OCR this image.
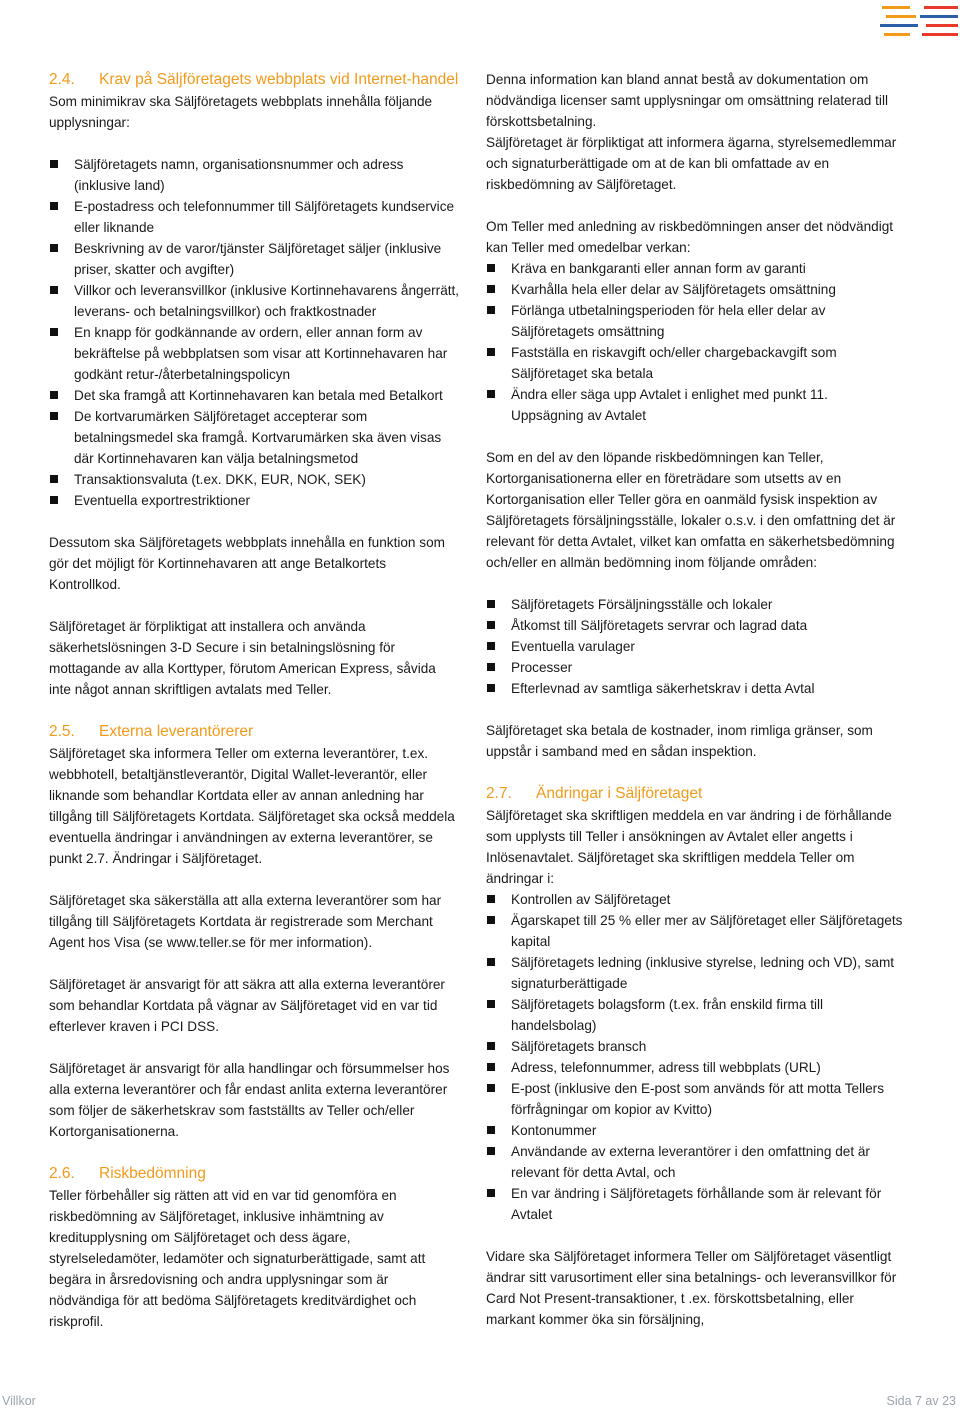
2.4.	Krav på Säljföretagets webbplats vid Internet-handel

Som minimikrav ska Säljföretagets webbplats innehålla följande upplysningar:

Säljföretagets namn, organisationsnummer och adress (inklusive land)
E-postadress och telefonnummer till Säljföretagets kundservice eller liknande
Beskrivning av de varor/tjänster Säljföretaget säljer (inklusive priser, skatter och avgifter)
Villkor och leveransvillkor (inklusive Kortinnehavarens ångerrätt, leverans- och betalningsvillkor) och fraktkostnader
En knapp för godkännande av ordern, eller annan form av bekräftelse på webbplatsen som visar att Kortinnehavaren har godkänt retur-/återbetalningspolicyn
Det ska framgå att Kortinnehavaren kan betala med Betalkort
De kortvarumärken Säljföretaget accepterar som betalningsmedel ska framgå. Kortvarumärken ska även visas där Kortinnehavaren kan välja betalningsmetod
Transaktionsvaluta (t.ex. DKK, EUR, NOK, SEK)
Eventuella exportrestriktioner

Dessutom ska Säljföretagets webbplats innehålla en funktion som gör det möjligt för Kortinnehavaren att ange Betalkortets Kontrollkod.

Säljföretaget är förpliktigat att installera och använda säkerhetslösningen 3-D Secure i sin betalningslösning för mottagande av alla Korttyper, förutom American Express, såvida inte något annan skriftligen avtalats med Teller.

2.5.	Externa leverantörerer

Säljföretaget ska informera Teller om externa leverantörer, t.ex. webbhotell, betaltjänstleverantör, Digital Wallet-leverantör, eller liknande som behandlar Kortdata eller av annan anledning har tillgång till Säljföretagets Kortdata. Säljföretaget ska också meddela eventuella ändringar i användningen av externa leverantörer, se punkt 2.7. Ändringar i Säljföretaget.

Säljföretaget ska säkerställa att alla externa leverantörer som har tillgång till Säljföretagets Kortdata är registrerade som Merchant Agent hos Visa (se www.teller.se för mer information).

Säljföretaget är ansvarigt för att säkra att alla externa leverantörer som behandlar Kortdata på vägnar av Säljföretaget vid en var tid efterlever kraven i PCI DSS.

Säljföretaget är ansvarigt för alla handlingar och försummelser hos alla externa leverantörer och får endast anlita externa leverantörer som följer de säkerhetskrav som fastställts av Teller och/eller Kortorganisationerna.

2.6.	Riskbedömning

Teller förbehåller sig rätten att vid en var tid genomföra en riskbedömning av Säljföretaget, inklusive inhämtning av kreditupplysning om Säljföretaget och dess ägare, styrelseledamöter, ledamöter och signaturberättigade, samt att begära in årsredovisning och andra upplysningar som är nödvändiga för att bedöma Säljföretagets kreditvärdighet och riskprofil.

Denna information kan bland annat bestå av dokumentation om nödvändiga licenser samt upplysningar om omsättning relaterad till förskottsbetalning.

Säljföretaget är förpliktigat att informera ägarna, styrelsemedlemmar och signaturberättigade om at de kan bli omfattade av en riskbedömning av Säljföretaget.

Om Teller med anledning av riskbedömningen anser det nödvändigt kan Teller med omedelbar verkan:

Kräva en bankgaranti eller annan form av garanti
Kvarhålla hela eller delar av Säljföretagets omsättning
Förlänga utbetalningsperioden för hela eller delar av Säljföretagets omsättning
Fastställa en riskavgift och/eller chargebackavgift som Säljföretaget ska betala
Ändra eller säga upp Avtalet i enlighet med punkt 11. Uppsägning av Avtalet

Som en del av den löpande riskbedömningen kan Teller, Kortorganisationerna eller en företrädare som utsetts av en Kortorganisation eller Teller göra en oanmäld fysisk inspektion av Säljföretagets försäljningsställe, lokaler o.s.v. i den omfattning det är relevant för detta Avtalet, vilket kan omfatta en säkerhetsbedömning och/eller en allmän bedömning inom följande områden:

Säljföretagets Försäljningsställe och lokaler
Åtkomst till Säljföretagets servrar och lagrad data
Eventuella varulager
Processer
Efterlevnad av samtliga säkerhetskrav i detta Avtal

Säljföretaget ska betala de kostnader, inom rimliga gränser, som uppstår i samband med en sådan inspektion.

2.7.	Ändringar i Säljföretaget

Säljföretaget ska skriftligen meddela en var ändring i de förhållande som upplysts till Teller i ansökningen av Avtalet eller angetts i Inlösenavtalet. Säljföretaget ska skriftligen meddela Teller om ändringar i:

Kontrollen av Säljföretaget
Ägarskapet till 25 % eller mer av Säljföretaget eller Säljföretagets kapital
Säljföretagets ledning (inklusive styrelse, ledning och VD), samt signaturberättigade
Säljföretagets bolagsform (t.ex. från enskild firma till handelsbolag)
Säljföretagets bransch
Adress, telefonnummer, adress till webbplats (URL)
E-post (inklusive den E-post som används för att motta Tellers förfrågningar om kopior av Kvitto)
Kontonummer
Användande av externa leverantörer i den omfattning det är relevant för detta Avtal, och
En var ändring i Säljföretagets förhållande som är relevant för Avtalet

Vidare ska Säljföretaget informera Teller om Säljföretaget väsentligt ändrar sitt varusortiment eller sina betalnings- och leveransvillkor för Card Not Present-transaktioner, t .ex. förskottsbetalning, eller markant kommer öka sin försäljning,

Villkor	Sida 7 av 23
